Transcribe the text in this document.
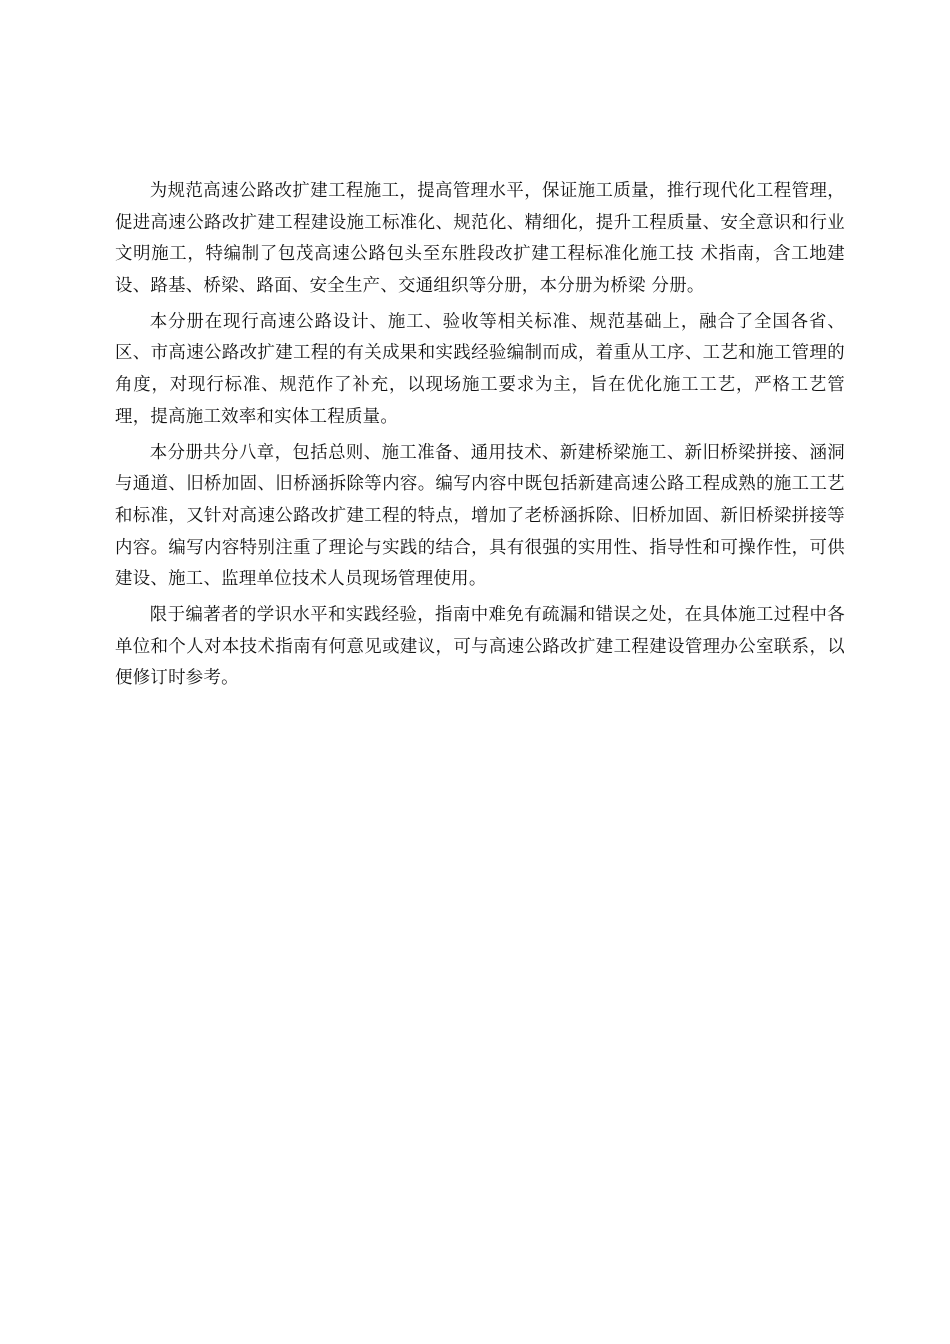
为规范高速公路改扩建工程施工，提高管理水平，保证施工质量，推行现代化工程管理，促进高速公路改扩建工程建设施工标准化、规范化、精细化，提升工程质量、安全意识和行业文明施工，特编制了包茂高速公路包头至东胜段改扩建工程标准化施工技 术指南，含工地建设、路基、桥梁、路面、安全生产、交通组织等分册，本分册为桥梁 分册。

本分册在现行高速公路设计、施工、验收等相关标准、规范基础上，融合了全国各省、区、市高速公路改扩建工程的有关成果和实践经验编制而成，着重从工序、工艺和施工管理的角度，对现行标准、规范作了补充，以现场施工要求为主，旨在优化施工工艺，严格工艺管理，提高施工效率和实体工程质量。

本分册共分八章，包括总则、施工准备、通用技术、新建桥梁施工、新旧桥梁拼接、涵洞与通道、旧桥加固、旧桥涵拆除等内容。编写内容中既包括新建高速公路工程成熟的施工工艺和标准，又针对高速公路改扩建工程的特点，增加了老桥涵拆除、旧桥加固、新旧桥梁拼接等内容。编写内容特别注重了理论与实践的结合，具有很强的实用性、指导性和可操作性，可供建设、施工、监理单位技术人员现场管理使用。

限于编著者的学识水平和实践经验，指南中难免有疏漏和错误之处，在具体施工过程中各单位和个人对本技术指南有何意见或建议，可与高速公路改扩建工程建设管理办公室联系，以便修订时参考。
